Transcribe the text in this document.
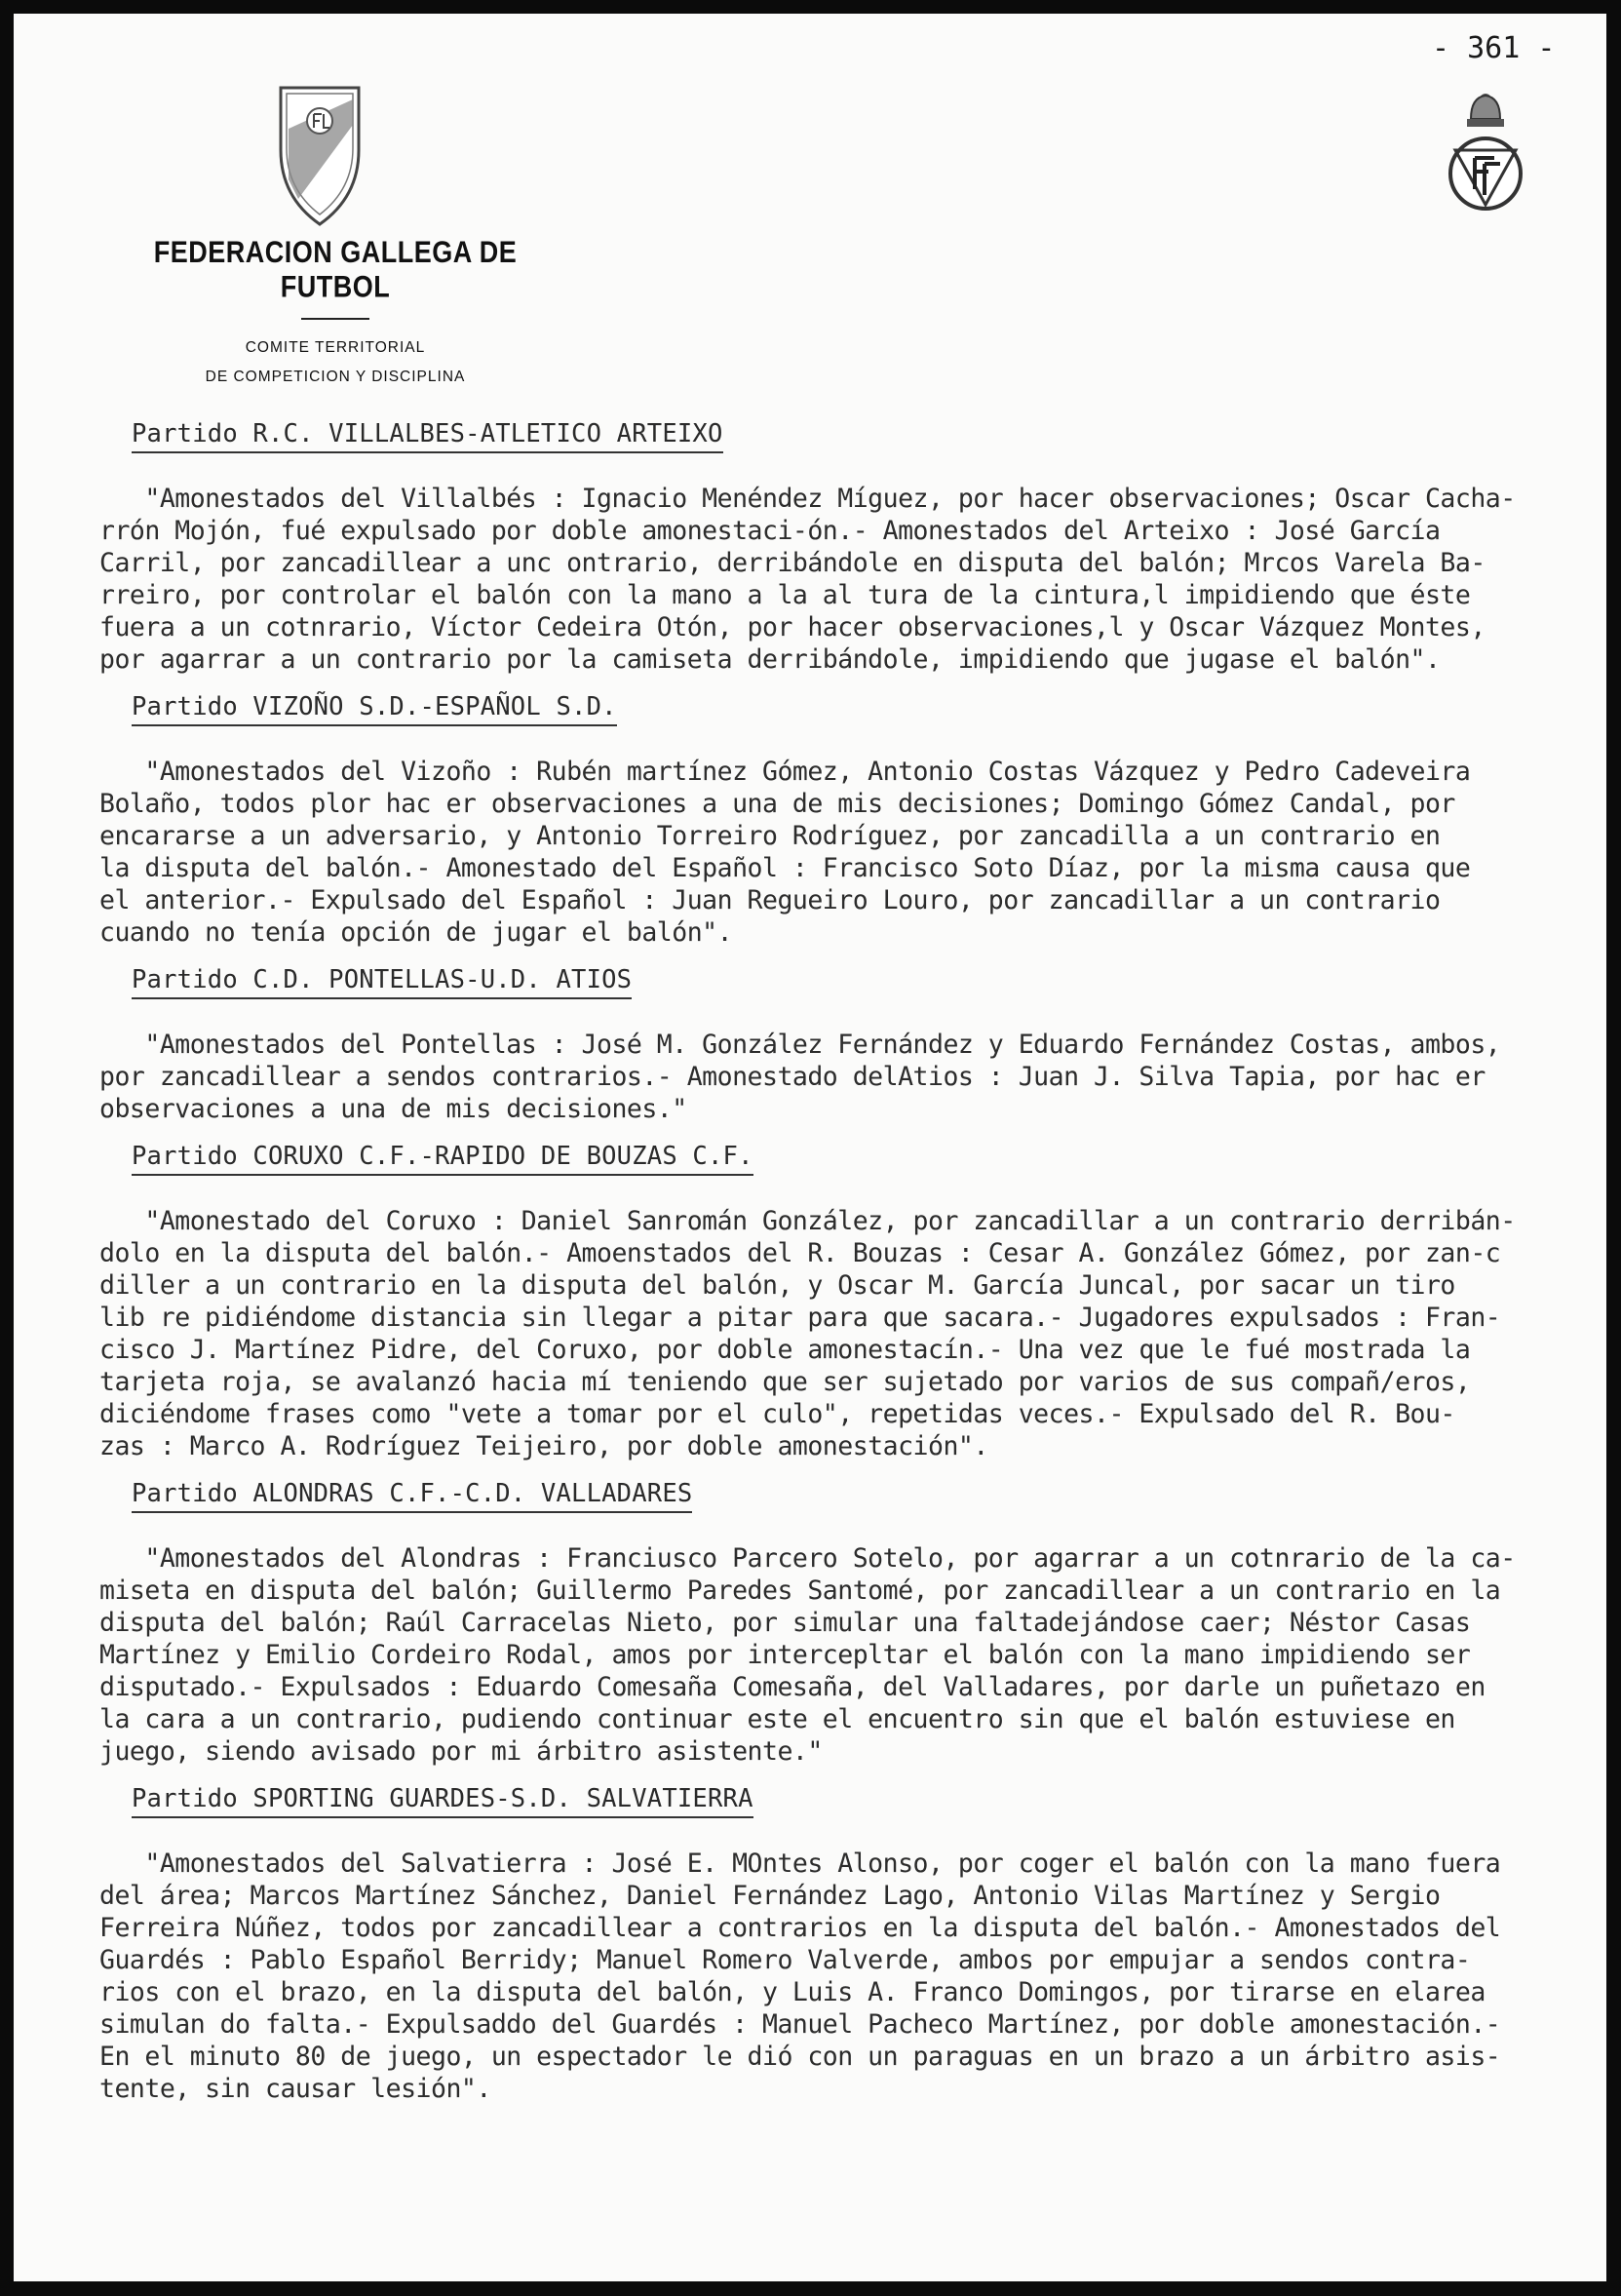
- 361 -
FEDERACION GALLEGA DE FUTBOL
COMITE TERRITORIAL
DE COMPETICION Y DISCIPLINA
Partido R.C. VILLALBES-ATLETICO ARTEIXO
"Amonestados del Villalbés : Ignacio Menéndez Míguez, por hacer observaciones; Oscar Cacha-
rrón Mojón, fué expulsado por doble amonestaci-́on.- Amonestados del Arteixo : José García
Carril, por zancadillear a unc ontrario, derribándole en disputa del balón; Mrcos Varela Ba-
rreiro, por controlar el balón con la mano a la al tura de la cintura,l impidiendo que éste
fuera a un cotnrario, Víctor Cedeira Otón, por hacer observaciones,l y Oscar Vázquez Montes,
por agarrar a un contrario por la camiseta derribándole, impidiendo que jugase el balón".
Partido VIZOÑO S.D.-ESPAÑOL S.D.
"Amonestados del Vizoño : Rubén martínez Gómez, Antonio Costas Vázquez y Pedro Cadeveira
Bolaño, todos plor hac er observaciones a una de mis decisiones; Domingo Gómez Candal, por
encararse a un adversario, y Antonio Torreiro Rodríguez, por zancadilla a un contrario en
la disputa del balón.- Amonestado del Español : Francisco Soto Díaz, por la misma causa que
el anterior.- Expulsado del Español : Juan Regueiro Louro, por zancadillar a un contrario
cuando no tenía opción de jugar el balón".
Partido C.D. PONTELLAS-U.D. ATIOS
"Amonestados del Pontellas : José M. González Fernández y Eduardo Fernández Costas, ambos,
por zancadillear a sendos contrarios.- Amonestado delAtios : Juan J. Silva Tapia, por hac er
observaciones a una de mis decisiones."
Partido CORUXO C.F.-RAPIDO DE BOUZAS C.F.
"Amonestado del Coruxo : Daniel Sanromán González, por zancadillar a un contrario derribán-
dolo en la disputa del balón.- Amoenstados del R. Bouzas : Cesar A. González Gómez, por zan-c
diller a un contrario en la disputa del balón, y Oscar M. García Juncal, por sacar un tiro
lib re pidiéndome distancia sin llegar a pitar para que sacara.- Jugadores expulsados : Fran-
cisco J. Martínez Pidre, del Coruxo, por doble amonestacín.- Una vez que le fué mostrada la
tarjeta roja, se avalanzó hacia mí teniendo que ser sujetado por varios de sus compañ/eros,
diciéndome frases como "vete a tomar por el culo", repetidas veces.- Expulsado del R. Bou-
zas : Marco A. Rodríguez Teijeiro, por doble amonestación".
Partido ALONDRAS C.F.-C.D. VALLADARES
"Amonestados del Alondras : Franciusco Parcero Sotelo, por agarrar a un cotnrario de la ca-
miseta en disputa del balón; Guillermo Paredes Santomé, por zancadillear a un contrario en la
disputa del balón; Raúl Carracelas Nieto, por simular una faltadejándose caer; Néstor Casas
Martínez y Emilio Cordeiro Rodal, amos por intercepltar el balón con la mano impidiendo ser
disputado.- Expulsados : Eduardo Comesaña Comesaña, del Valladares, por darle un puñetazo en
la cara a un contrario, pudiendo continuar este el encuentro sin que el balón estuviese en
juego, siendo avisado por mi árbitro asistente."
Partido SPORTING GUARDES-S.D. SALVATIERRA
"Amonestados del Salvatierra : José E. MOntes Alonso, por coger el balón con la mano fuera
del área; Marcos Martínez Sánchez, Daniel Fernández Lago, Antonio Vilas Martínez y Sergio
Ferreira Núñez, todos por zancadillear a contrarios en la disputa del balón.- Amonestados del
Guardés : Pablo Español Berridy; Manuel Romero Valverde, ambos por empujar a sendos contra-
rios con el brazo, en la disputa del balón, y Luis A. Franco Domingos, por tirarse en elarea
simulan do falta.- Expulsaddo del Guardés : Manuel Pacheco Martínez, por doble amonestación.-
En el minuto 80 de juego, un espectador le dió con un paraguas en un brazo a un árbitro asis-
tente, sin causar lesión".
